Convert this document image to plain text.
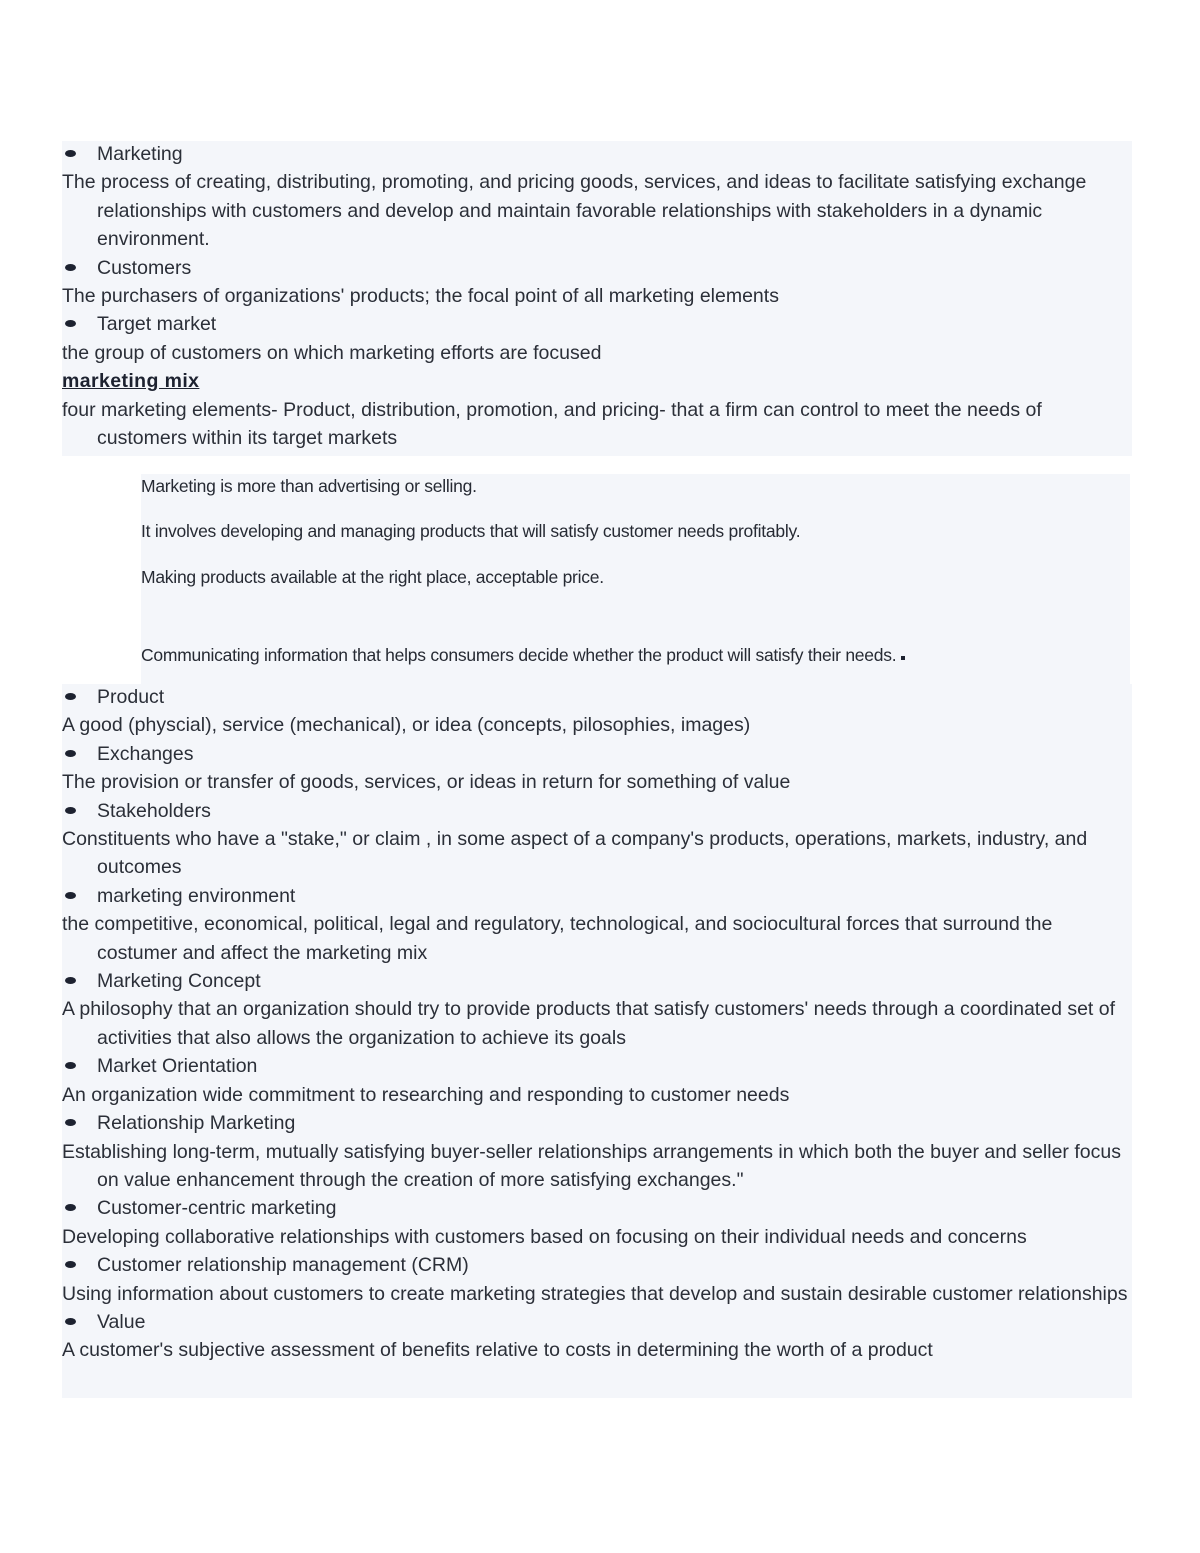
Marketing
The process of creating, distributing, promoting, and pricing goods, services, and ideas to facilitate satisfying exchange relationships with customers and develop and maintain favorable relationships with stakeholders in a dynamic environment.
Customers
The purchasers of organizations' products; the focal point of all marketing elements
Target market
the group of customers on which marketing efforts are focused
marketing mix
four marketing elements- Product, distribution, promotion, and pricing- that a firm can control to meet the needs of customers within its target markets
Marketing is more than advertising or selling.
It involves developing and managing products that will satisfy customer needs profitably.
Making products available at the right place, acceptable price.
Communicating information that helps consumers decide whether the product will satisfy their needs.
Product
A good (physcial), service (mechanical), or idea (concepts, pilosophies, images)
Exchanges
The provision or transfer of goods, services, or ideas in return for something of value
Stakeholders
Constituents who have a "stake," or claim , in some aspect of a company's products, operations, markets, industry, and outcomes
marketing environment
the competitive, economical, political, legal and regulatory, technological, and sociocultural forces that surround the costumer and affect the marketing mix
Marketing Concept
A philosophy that an organization should try to provide products that satisfy customers' needs through a coordinated set of activities that also allows the organization to achieve its goals
Market Orientation
An organization wide commitment to researching and responding to customer needs
Relationship Marketing
Establishing long-term, mutually satisfying buyer-seller relationships arrangements in which both the buyer and seller focus on value enhancement through the creation of more satisfying exchanges."
Customer-centric marketing
Developing collaborative relationships with customers based on focusing on their individual needs and concerns
Customer relationship management (CRM)
Using information about customers to create marketing strategies that develop and sustain desirable customer relationships
Value
A customer's subjective assessment of benefits relative to costs in determining the worth of a product
